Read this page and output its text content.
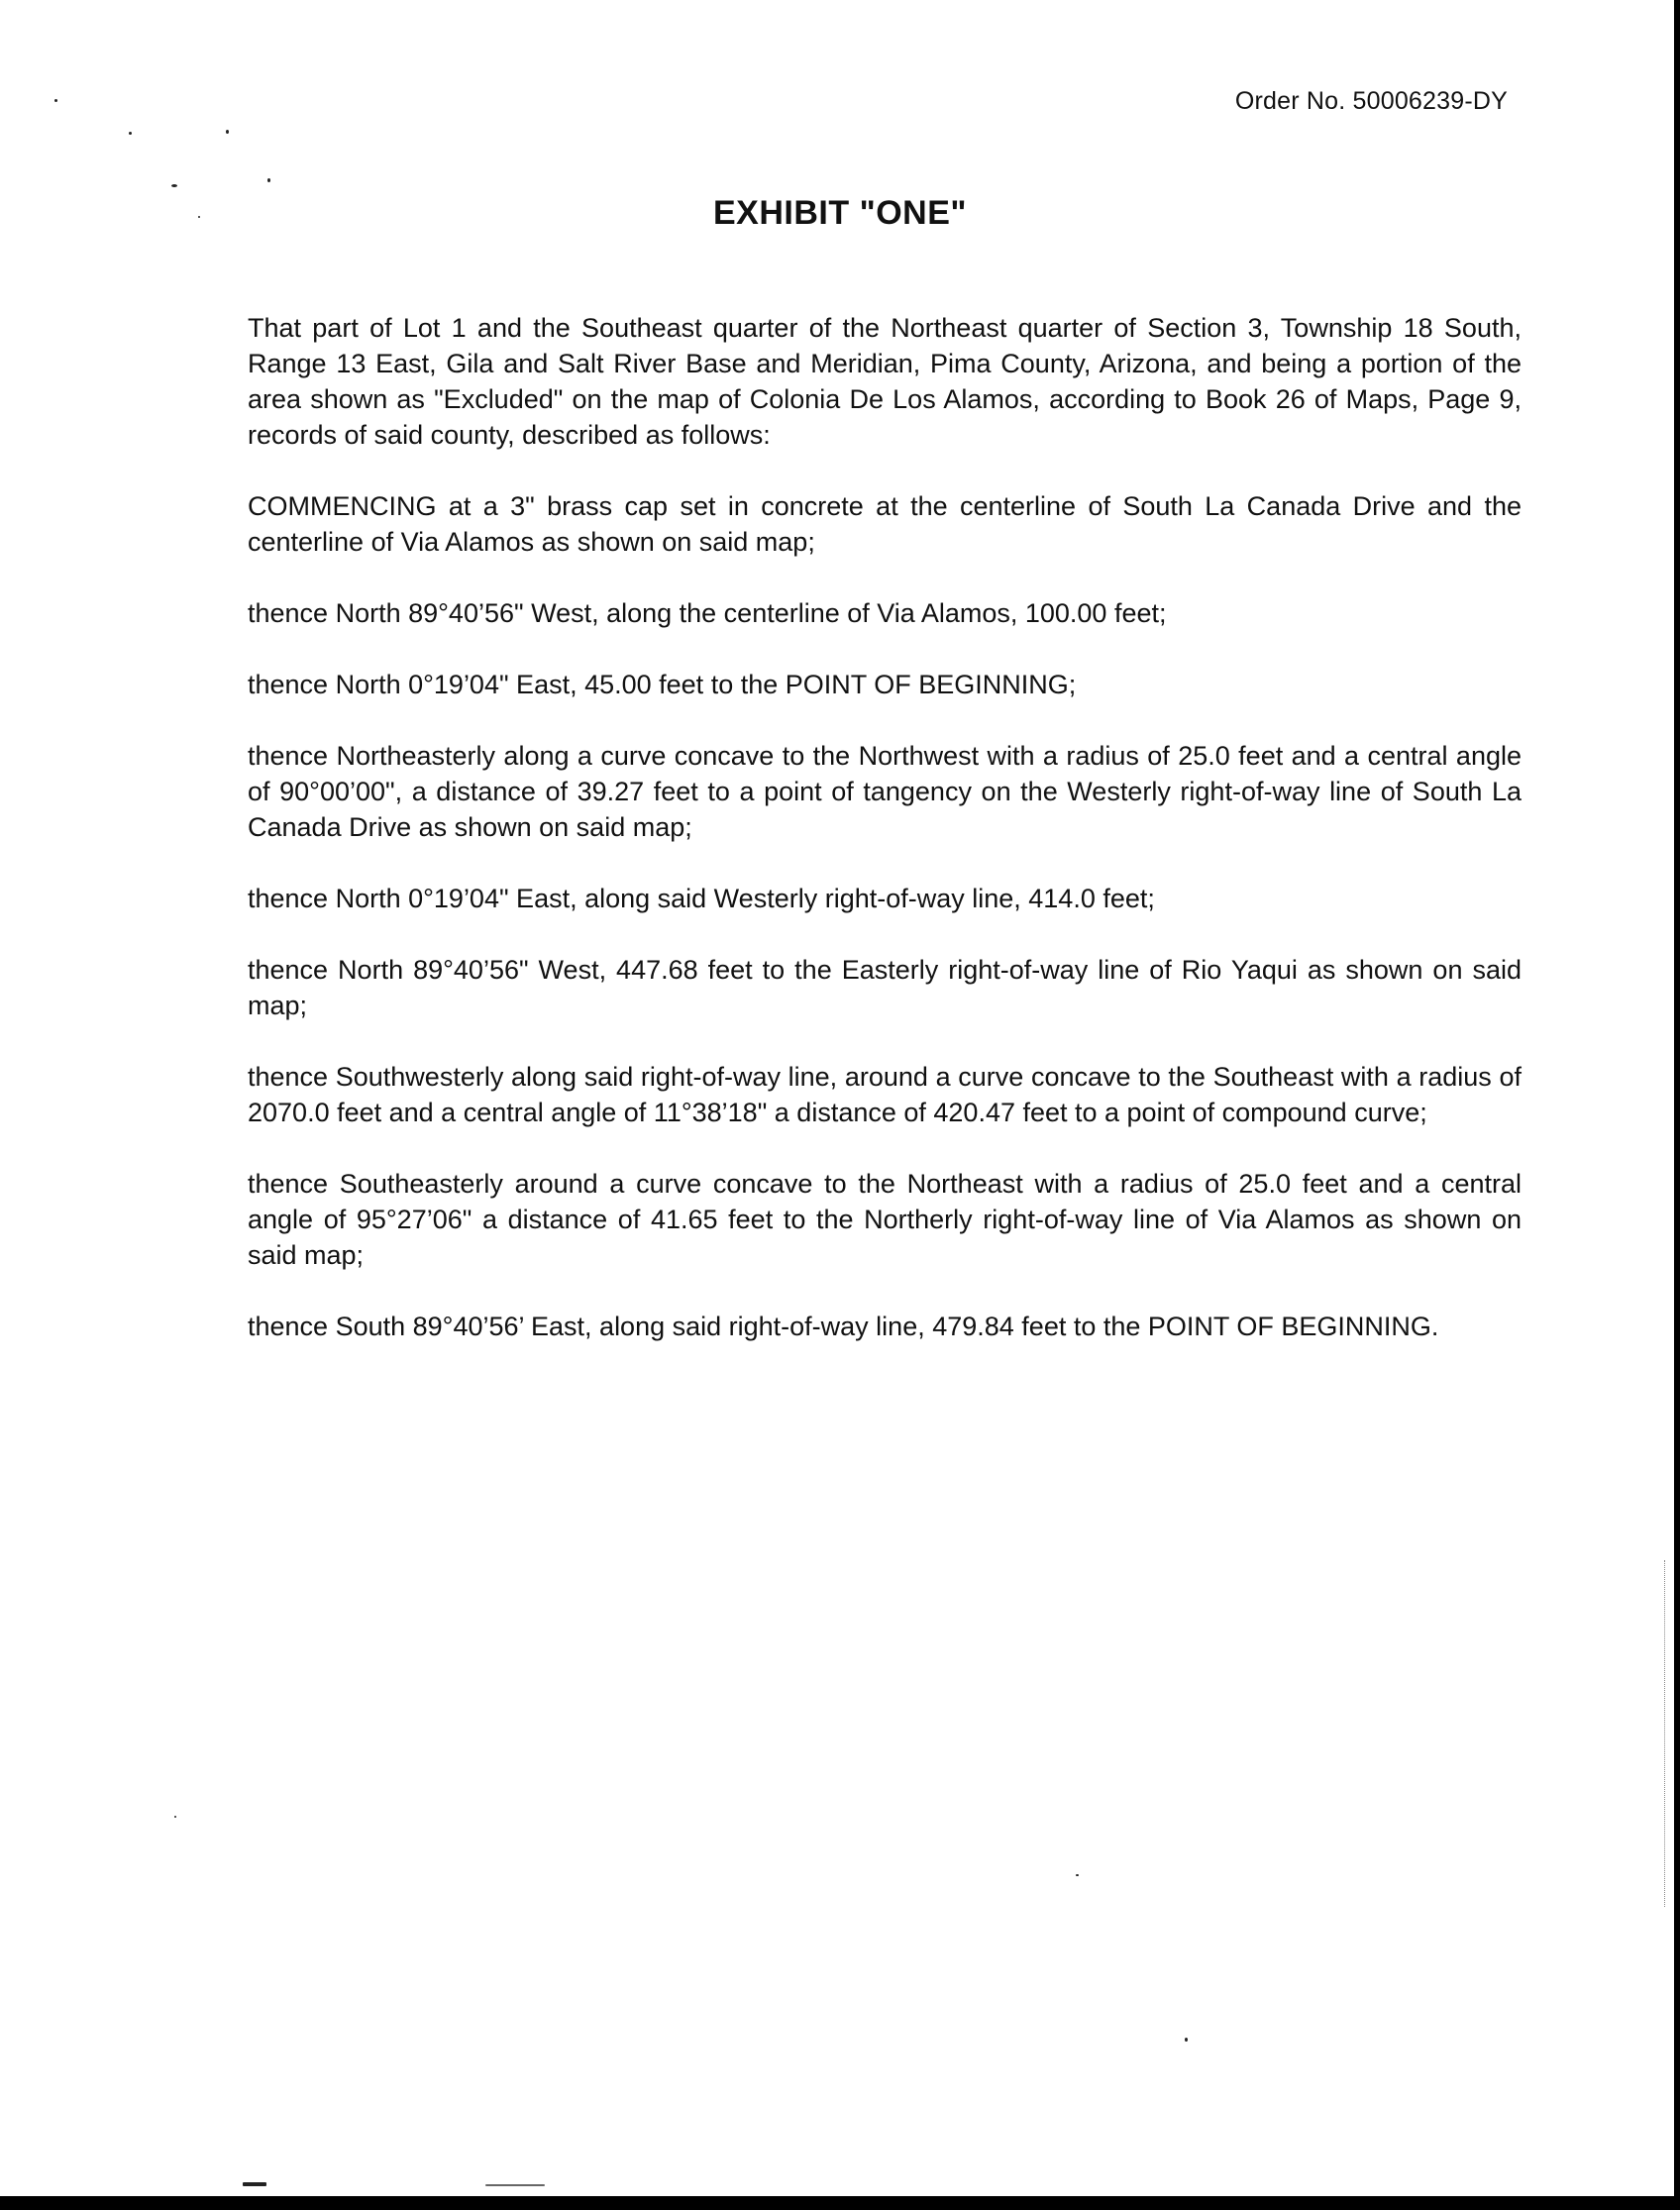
Order No. 50006239-DY
EXHIBIT "ONE"

That part of Lot 1 and the Southeast quarter of the Northeast quarter of Section 3, Township 18 South, Range 13 East, Gila and Salt River Base and Meridian, Pima County, Arizona, and being a portion of the area shown as "Excluded" on the map of Colonia De Los Alamos, according to Book 26 of Maps, Page 9, records of said county, described as follows:

COMMENCING at a 3" brass cap set in concrete at the centerline of South La Canada Drive and the centerline of Via Alamos as shown on said map;

thence North 89°40’56" West, along the centerline of Via Alamos, 100.00 feet;

thence North 0°19’04" East, 45.00 feet to the POINT OF BEGINNING;

thence Northeasterly along a curve concave to the Northwest with a radius of 25.0 feet and a central angle of 90°00’00", a distance of 39.27 feet to a point of tangency on the Westerly right-of-way line of South La Canada Drive as shown on said map;

thence North 0°19’04" East, along said Westerly right-of-way line, 414.0 feet;

thence North 89°40’56" West, 447.68 feet to the Easterly right-of-way line of Rio Yaqui as shown on said map;

thence Southwesterly along said right-of-way line, around a curve concave to the Southeast with a radius of 2070.0 feet and a central angle of 11°38’18" a distance of 420.47 feet to a point of compound curve;

thence Southeasterly around a curve concave to the Northeast with a radius of 25.0 feet and a central angle of 95°27’06" a distance of 41.65 feet to the Northerly right-of-way line of Via Alamos as shown on said map;

thence South 89°40’56’ East, along said right-of-way line, 479.84 feet to the POINT OF BEGINNING.
